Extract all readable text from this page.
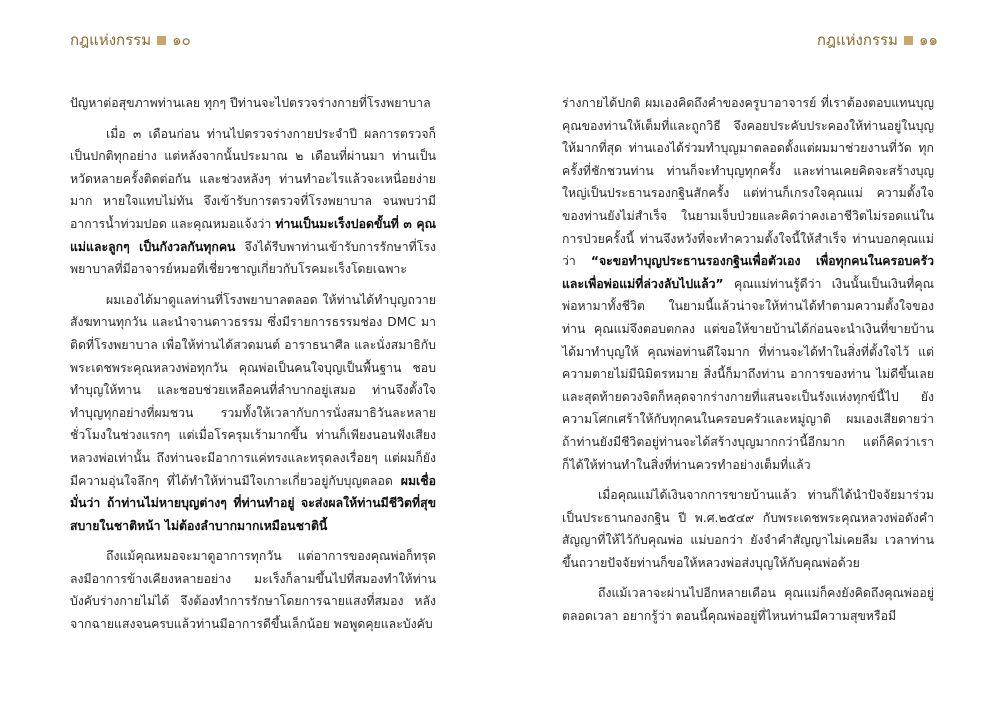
กฎแห่งกรรม ๑๐

ปัญหาต่อสุขภาพท่านเลย ทุกๆ ปีท่านจะไปตรวจร่างกายที่โรงพยาบาล

เมื่อ ๓ เดือนก่อน ท่านไปตรวจร่างกายประจำปี ผลการตรวจก็เป็นปกติทุกอย่าง แต่หลังจากนั้นประมาณ ๒ เดือนที่ผ่านมา ท่านเป็นหวัดหลายครั้งติดต่อกัน และช่วงหลังๆ ท่านทำอะไรแล้วจะเหนื่อยง่ายมาก หายใจแทบไม่ทัน จึงเข้ารับการตรวจที่โรงพยาบาล จนพบว่ามีอาการน้ำท่วมปอด และคุณหมอแจ้งว่า ท่านเป็นมะเร็งปอดขั้นที่ ๓ คุณแม่และลูกๆ เป็นกังวลกันทุกคน จึงได้รีบพาท่านเข้ารับการรักษาที่โรงพยาบาลที่มีอาจารย์หมอที่เชี่ยวชาญเกี่ยวกับโรคมะเร็งโดยเฉพาะ

ผมเองได้มาดูแลท่านที่โรงพยาบาลตลอด ให้ท่านได้ทำบุญถวายสังฆทานทุกวัน และนำจานดาวธรรม ซึ่งมีรายการธรรมช่อง DMC มาติดที่โรงพยาบาล เพื่อให้ท่านได้สวดมนต์ อาราธนาศีล และนั่งสมาธิกับพระเดชพระคุณหลวงพ่อทุกวัน คุณพ่อเป็นคนใจบุญเป็นพื้นฐาน ชอบทำบุญให้ทาน และชอบช่วยเหลือคนที่ลำบากอยู่เสมอ ท่านจึงตั้งใจทำบุญทุกอย่างที่ผมชวน รวมทั้งให้เวลากับการนั่งสมาธิวันละหลายชั่วโมงในช่วงแรกๆ แต่เมื่อโรครุมเร้ามากขึ้น ท่านก็เพียงนอนฟังเสียงหลวงพ่อเท่านั้น ถึงท่านจะมีอาการแค่ทรงและทรุดลงเรื่อยๆ แต่ผมก็ยังมีความอุ่นใจลึกๆ ที่ได้ทำให้ท่านมีใจเกาะเกี่ยวอยู่กับบุญตลอด ผมเชื่อมั่นว่า ถ้าท่านไม่หายบุญต่างๆ ที่ท่านทำอยู่ จะส่งผลให้ท่านมีชีวิตที่สุขสบายในชาติหน้า ไม่ต้องลำบากมากเหมือนชาตินี้

ถึงแม้คุณหมอจะมาดูอาการทุกวัน แต่อาการของคุณพ่อก็ทรุดลงมีอาการข้างเคียงหลายอย่าง มะเร็งก็ลามขึ้นไปที่สมองทำให้ท่านบังคับร่างกายไม่ได้ จึงต้องทำการรักษาโดยการฉายแสงที่สมอง หลังจากฉายแสงจนครบแล้วท่านมีอาการดีขึ้นเล็กน้อย พอพูดคุยและบังคับ

กฎแห่งกรรม ๑๑

ร่างกายได้ปกติ ผมเองคิดถึงคำของครูบาอาจารย์ ที่เราต้องตอบแทนบุญคุณของท่านให้เต็มที่และถูกวิธี จึงคอยประคับประคองให้ท่านอยู่ในบุญให้มากที่สุด ท่านเองได้ร่วมทำบุญมาตลอดตั้งแต่ผมมาช่วยงานที่วัด ทุกครั้งที่ชักชวนท่าน ท่านก็จะทำบุญทุกครั้ง และท่านเคยคิดจะสร้างบุญใหญ่เป็นประธานรองกฐินสักครั้ง แต่ท่านก็เกรงใจคุณแม่ ความตั้งใจของท่านยังไม่สำเร็จ ในยามเจ็บป่วยและคิดว่าคงเอาชีวิตไม่รอดแน่ในการป่วยครั้งนี้ ท่านจึงหวังที่จะทำความตั้งใจนี้ให้สำเร็จ ท่านบอกคุณแม่ว่า “จะขอทำบุญประธานรองกฐินเพื่อตัวเอง เพื่อทุกคนในครอบครัว และเพื่อพ่อแม่ที่ล่วงลับไปแล้ว” คุณแม่ท่านรู้ดีว่า เงินนั้นเป็นเงินที่คุณพ่อหามาทั้งชีวิต ในยามนี้แล้วน่าจะให้ท่านได้ทำตามความตั้งใจของท่าน คุณแม่จึงตอบตกลง แต่ขอให้ขายบ้านได้ก่อนจะนำเงินที่ขายบ้านได้มาทำบุญให้ คุณพ่อท่านดีใจมาก ที่ท่านจะได้ทำในสิ่งที่ตั้งใจไว้ แต่ความตายไม่มีนิมิตรหมาย สิ่งนี้ก็มาถึงท่าน อาการของท่าน ไม่ดีขึ้นเลยและสุดท้ายดวงจิตก็หลุดจากร่างกายที่แสนจะเป็นรังแห่งทุกข์นี้ไป ยังความโศกเศร้าให้กับทุกคนในครอบครัวและหมู่ญาติ ผมเองเสียดายว่า ถ้าท่านยังมีชีวิตอยู่ท่านจะได้สร้างบุญมากกว่านี้อีกมาก แต่ก็คิดว่าเราก็ได้ให้ท่านทำในสิ่งที่ท่านควรทำอย่างเต็มที่แล้ว

เมื่อคุณแม่ได้เงินจากการขายบ้านแล้ว ท่านก็ได้นำปัจจัยมาร่วมเป็นประธานกองกฐิน ปี พ.ศ.๒๕๔๙ กับพระเดชพระคุณหลวงพ่อดังคำสัญญาที่ให้ไว้กับคุณพ่อ แม่บอกว่า ยังจำคำสัญญาไม่เคยลืม เวลาท่านขึ้นถวายปัจจัยท่านก็ขอให้หลวงพ่อส่งบุญให้กับคุณพ่อด้วย

ถึงแม้เวลาจะผ่านไปอีกหลายเดือน คุณแม่ก็คงยังคิดถึงคุณพ่ออยู่ตลอดเวลา อยากรู้ว่า ตอนนี้คุณพ่ออยู่ที่ไหนท่านมีความสุขหรือมี
